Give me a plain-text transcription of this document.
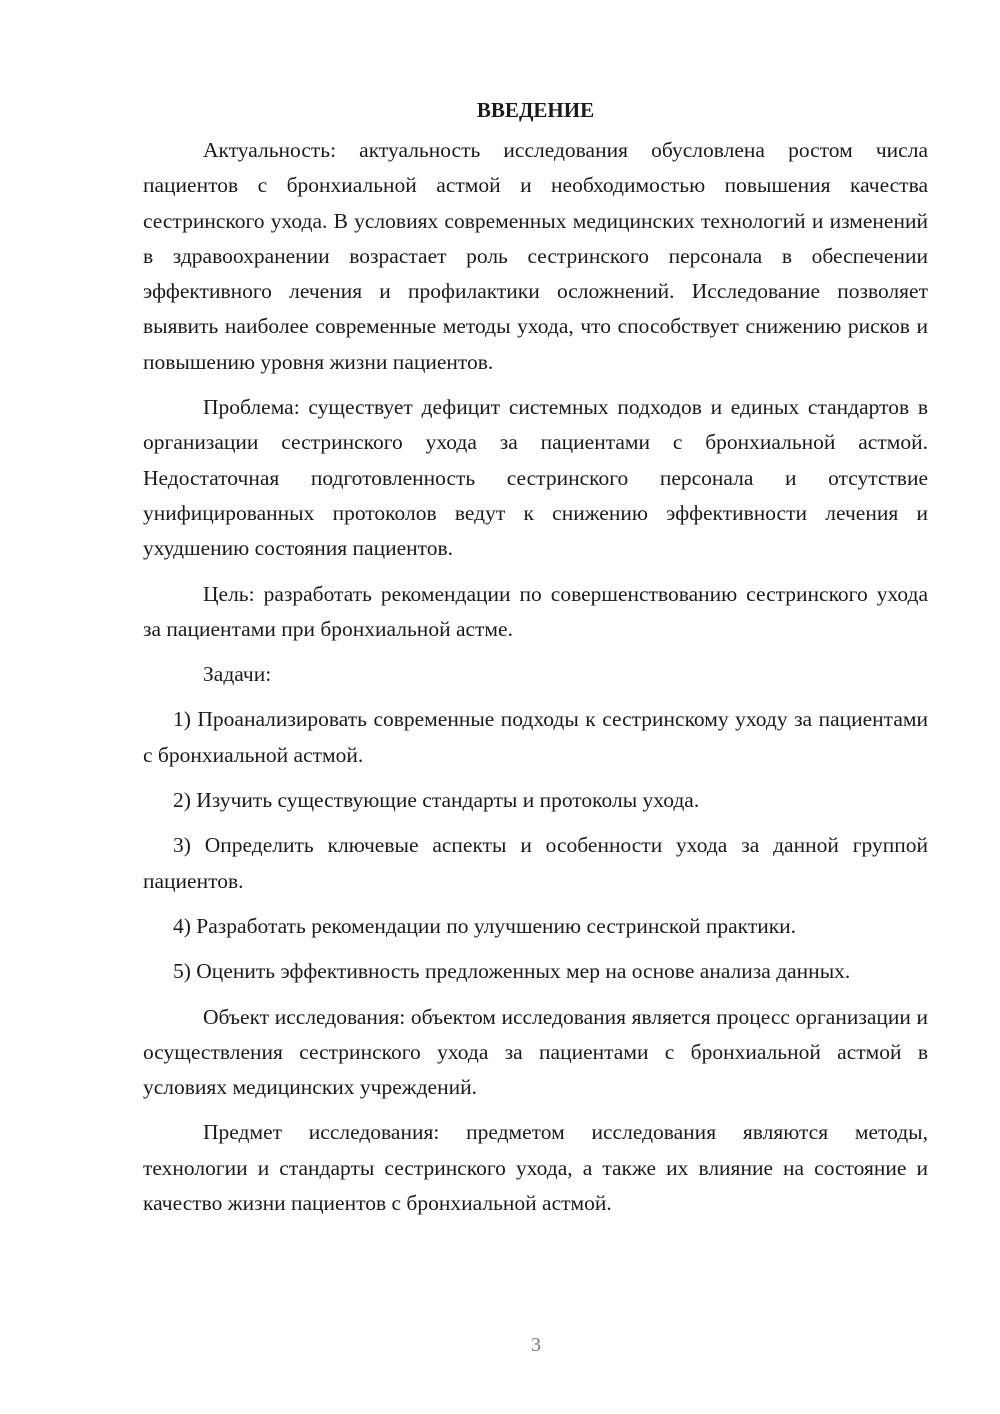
ВВЕДЕНИЕ

Актуальность: актуальность исследования обусловлена ростом числа пациентов с бронхиальной астмой и необходимостью повышения качества сестринского ухода. В условиях современных медицинских технологий и изменений в здравоохранении возрастает роль сестринского персонала в обеспечении эффективного лечения и профилактики осложнений. Исследование позволяет выявить наиболее современные методы ухода, что способствует снижению рисков и повышению уровня жизни пациентов.

Проблема: существует дефицит системных подходов и единых стандартов в организации сестринского ухода за пациентами с бронхиальной астмой. Недостаточная подготовленность сестринского персонала и отсутствие унифицированных протоколов ведут к снижению эффективности лечения и ухудшению состояния пациентов.

Цель: разработать рекомендации по совершенствованию сестринского ухода за пациентами при бронхиальной астме.

Задачи:

1) Проанализировать современные подходы к сестринскому уходу за пациентами с бронхиальной астмой.

2) Изучить существующие стандарты и протоколы ухода.

3) Определить ключевые аспекты и особенности ухода за данной группой пациентов.

4) Разработать рекомендации по улучшению сестринской практики.

5) Оценить эффективность предложенных мер на основе анализа данных.

Объект исследования: объектом исследования является процесс организации и осуществления сестринского ухода за пациентами с бронхиальной астмой в условиях медицинских учреждений.

Предмет исследования: предметом исследования являются методы, технологии и стандарты сестринского ухода, а также их влияние на состояние и качество жизни пациентов с бронхиальной астмой.

3
